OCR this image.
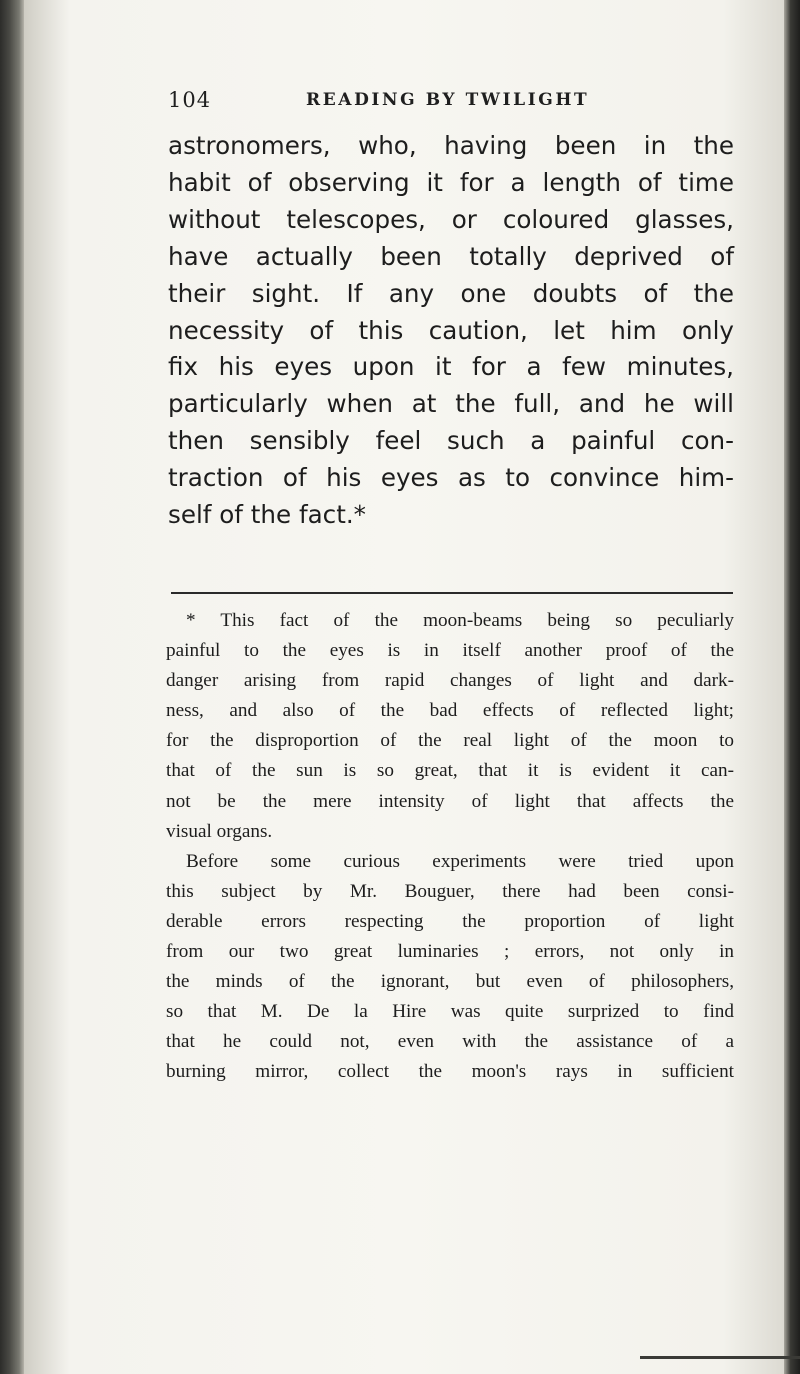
104	READING BY TWILIGHT
astronomers, who, having been in the
habit of observing it for a length of time
without telescopes, or coloured glasses,
have actually been totally deprived of
their sight. If any one doubts of the
necessity of this caution, let him only
fix his eyes upon it for a few minutes,
particularly when at the full, and he will
then sensibly feel such a painful con-
traction of his eyes as to convince him-
self of the fact.*
* This fact of the moon-beams being so peculiarly
painful to the eyes is in itself another proof of the
danger arising from rapid changes of light and dark-
ness, and also of the bad effects of reflected light;
for the disproportion of the real light of the moon to
that of the sun is so great, that it is evident it can-
not be the mere intensity of light that affects the
visual organs.
Before some curious experiments were tried upon
this subject by Mr. Bouguer, there had been consi-
derable errors respecting the proportion of light
from our two great luminaries ; errors, not only in
the minds of the ignorant, but even of philosophers,
so that M. De la Hire was quite surprized to find
that he could not, even with the assistance of a
burning mirror, collect the moon's rays in sufficient
